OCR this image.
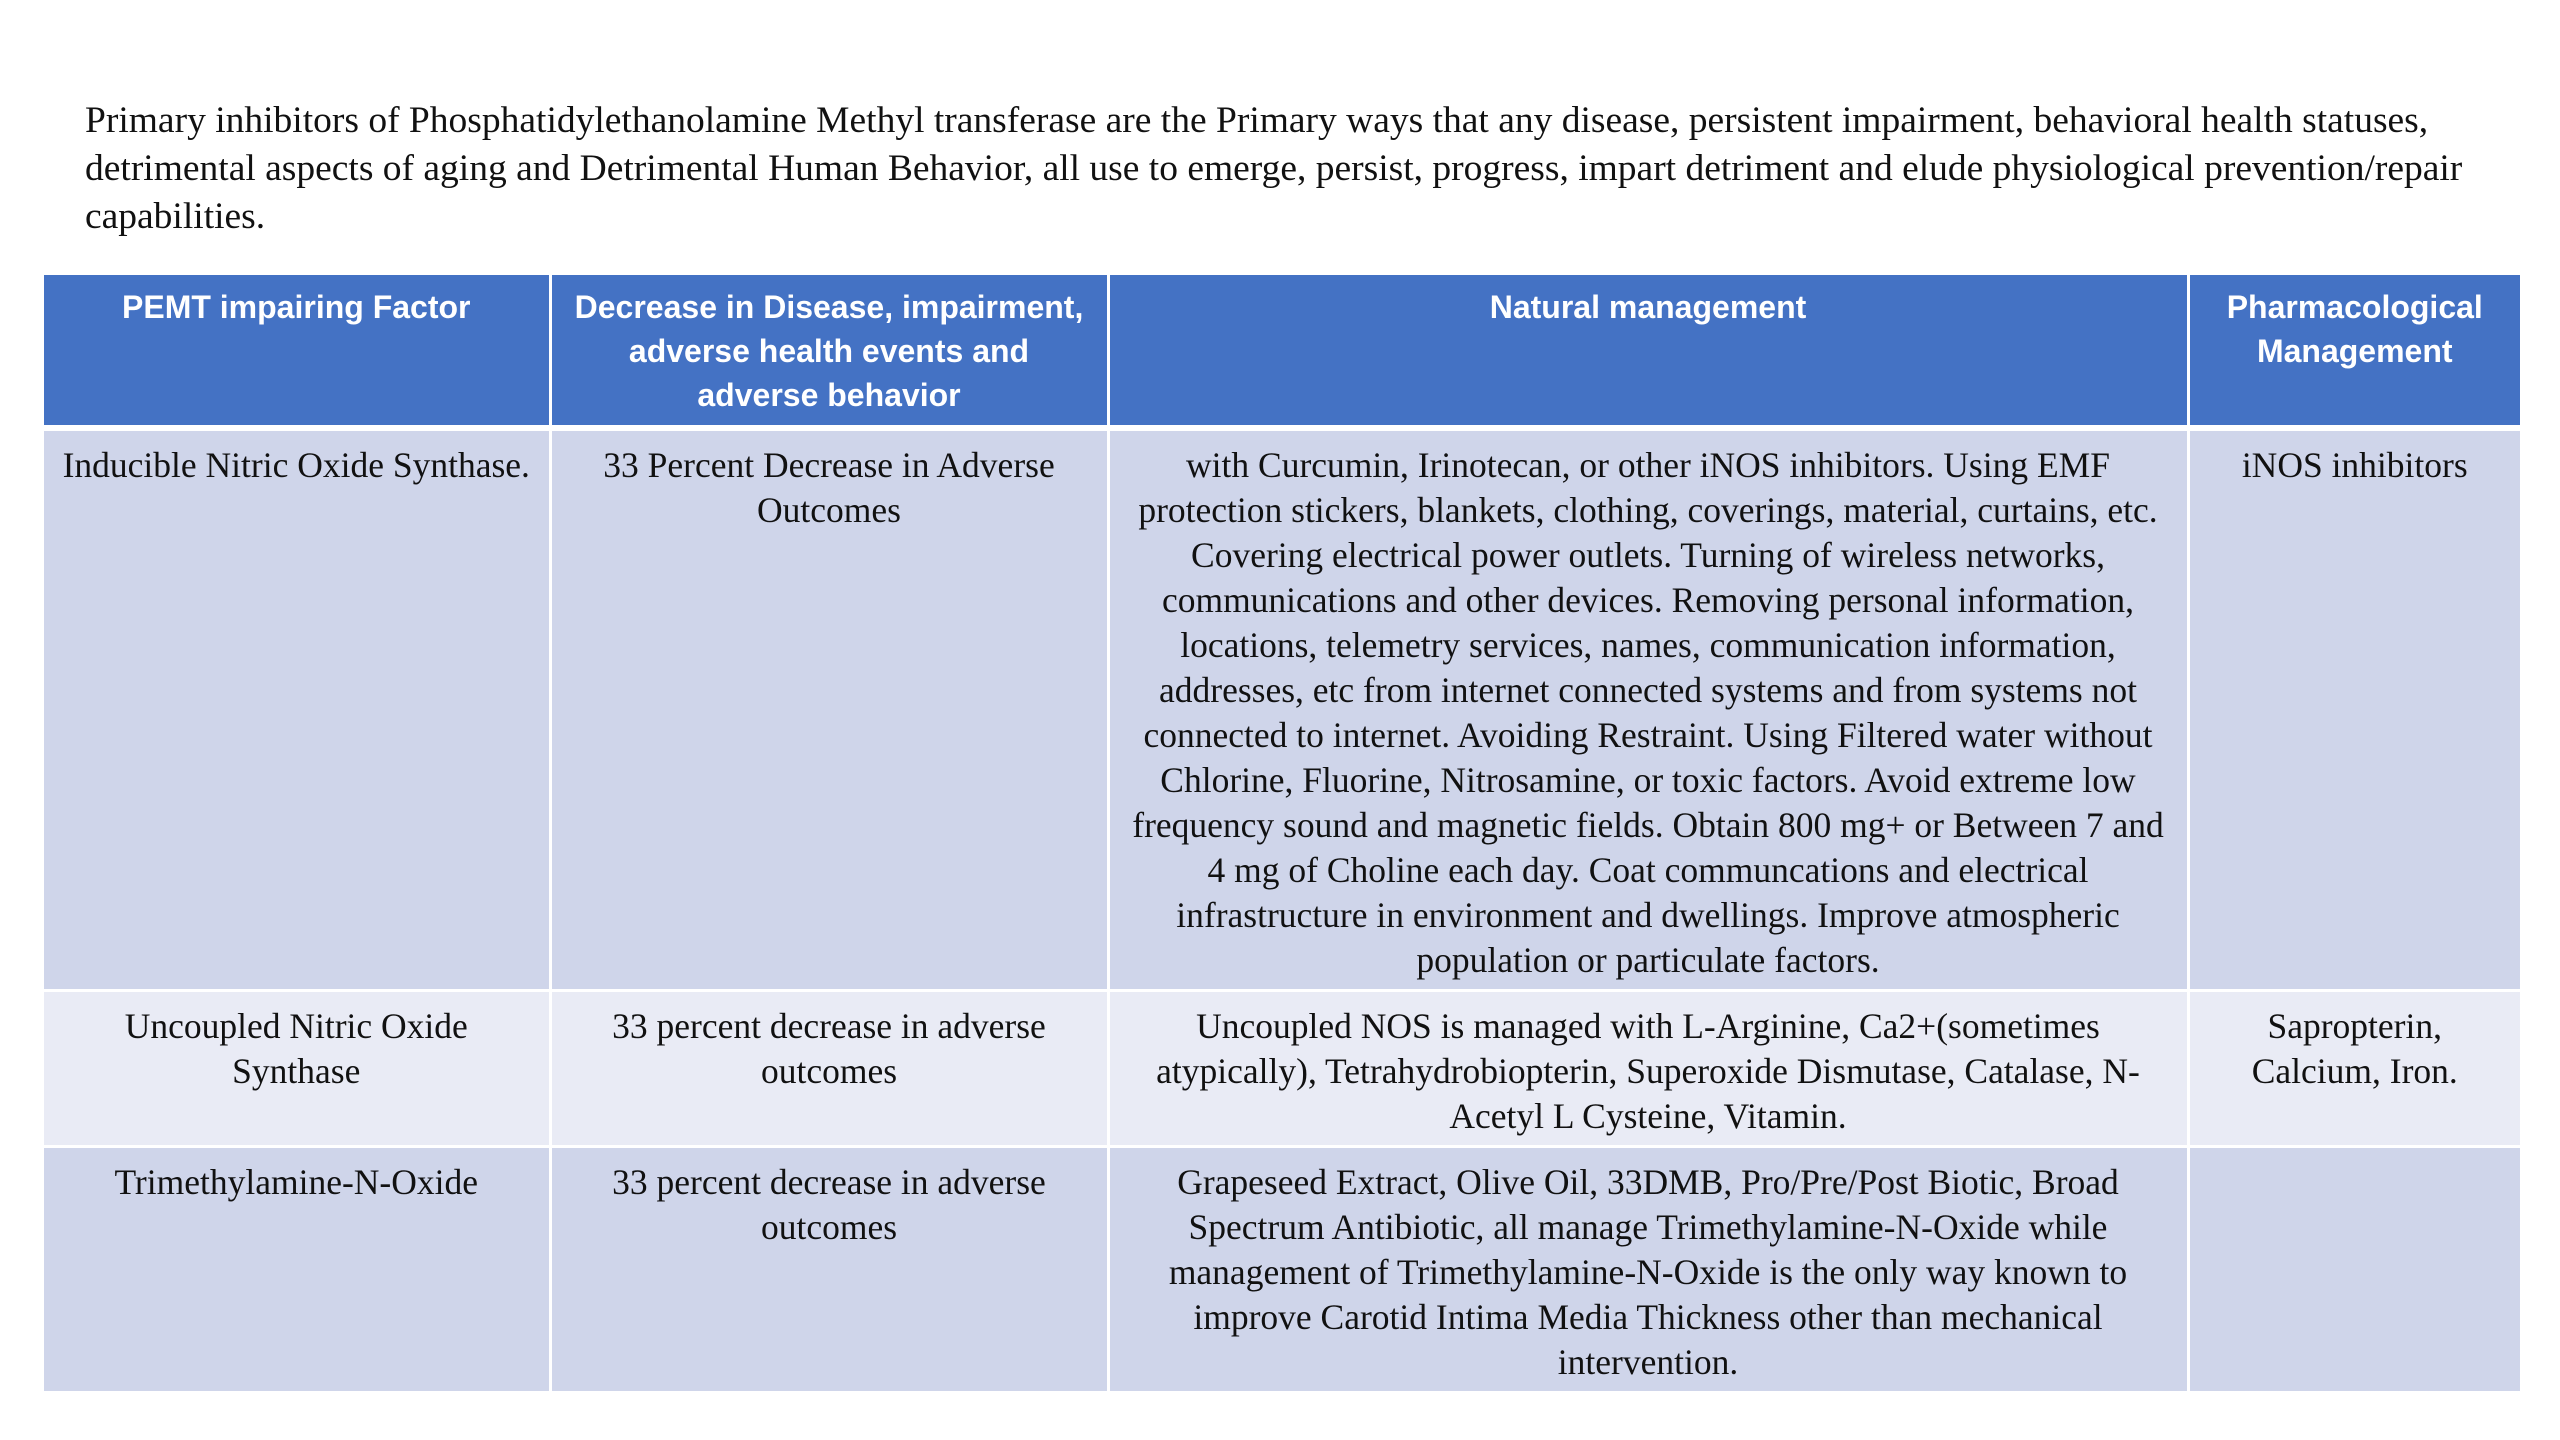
Primary inhibitors of Phosphatidylethanolamine Methyl transferase are the Primary ways that any disease, persistent impairment, behavioral health statuses, detrimental aspects of aging and Detrimental Human Behavior, all use to emerge, persist, progress, impart detriment and elude physiological prevention/repair capabilities.

PEMT impairing Factor	Decrease in Disease, impairment, adverse health events and adverse behavior	Natural management	Pharmacological Management
Inducible Nitric Oxide Synthase.	33 Percent Decrease in Adverse Outcomes	with Curcumin, Irinotecan, or other iNOS inhibitors. Using EMF protection stickers, blankets, clothing, coverings, material, curtains, etc. Covering electrical power outlets. Turning of wireless networks, communications and other devices. Removing personal information, locations, telemetry services, names, communication information, addresses, etc from internet connected systems and from systems not connected to internet. Avoiding Restraint. Using Filtered water without Chlorine, Fluorine, Nitrosamine, or toxic factors. Avoid extreme low frequency sound and magnetic fields. Obtain 800 mg+ or Between 7 and 4 mg of Choline each day. Coat communcations and electrical infrastructure in environment and dwellings. Improve atmospheric population or particulate factors.	iNOS inhibitors
Uncoupled Nitric Oxide Synthase	33 percent decrease in adverse outcomes	Uncoupled NOS is managed with L-Arginine, Ca2+(sometimes atypically), Tetrahydrobiopterin, Superoxide Dismutase, Catalase, N-Acetyl L Cysteine, Vitamin.	Sapropterin, Calcium, Iron.
Trimethylamine-N-Oxide	33 percent decrease in adverse outcomes	Grapeseed Extract, Olive Oil, 33DMB, Pro/Pre/Post Biotic, Broad Spectrum Antibiotic, all manage Trimethylamine-N-Oxide while management of Trimethylamine-N-Oxide is the only way known to improve Carotid Intima Media Thickness other than mechanical intervention.	
